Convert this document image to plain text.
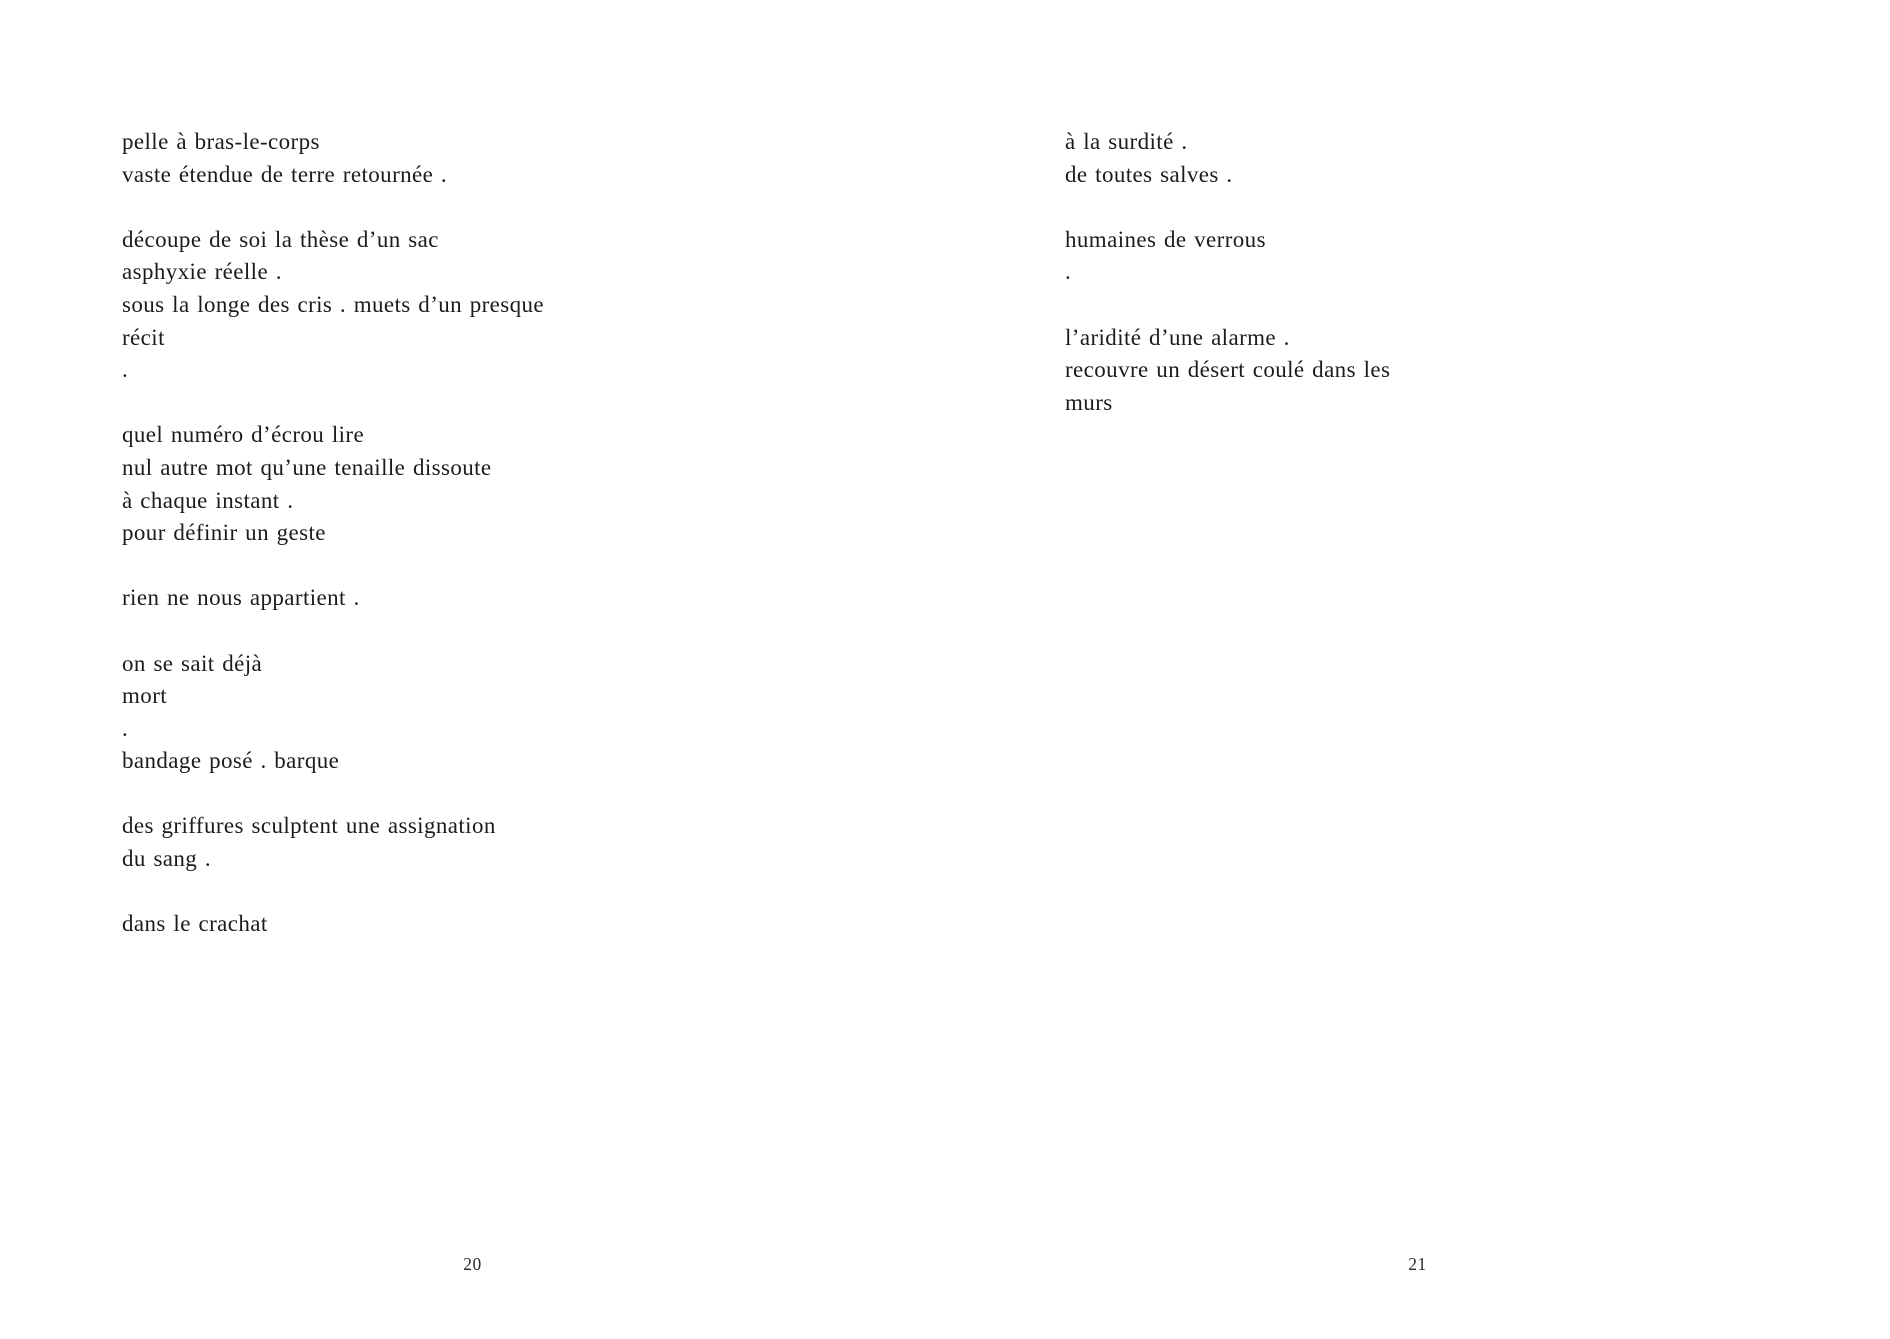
pelle à bras-le-corps
vaste étendue de terre retournée .
découpe de soi la thèse d’un sac
asphyxie réelle .
sous la longe des cris . muets d’un presque
récit
.
quel numéro d’écrou lire
nul autre mot qu’une tenaille dissoute
à chaque instant .
pour définir un geste
rien ne nous appartient .
on se sait déjà
mort
.
bandage posé . barque
des griffures sculptent une assignation
du sang .
dans le crachat
20
à la surdité .
de toutes salves .
humaines de verrous
.
l’aridité d’une alarme .
recouvre un désert coulé dans les
murs
21
